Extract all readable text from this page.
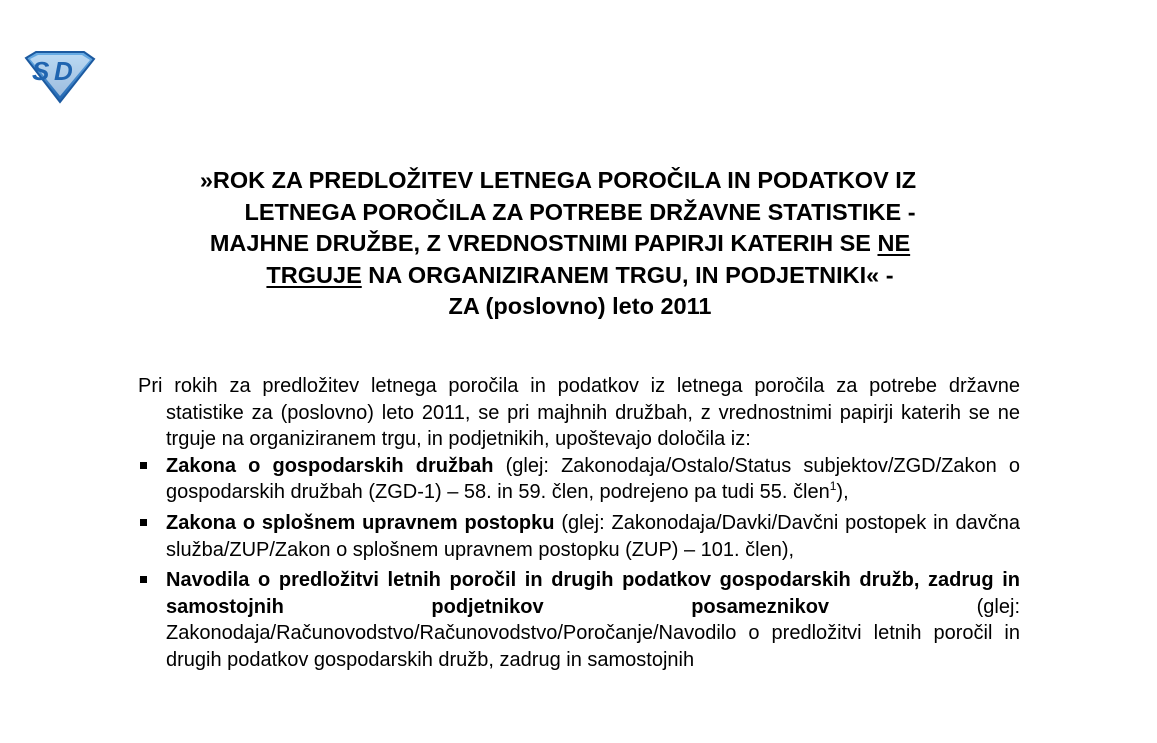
S D
»ROK ZA PREDLOŽITEV LETNEGA POROČILA IN PODATKOV IZ
LETNEGA POROČILA ZA POTREBE DRŽAVNE STATISTIKE -
MAJHNE DRUŽBE, Z VREDNOSTNIMI PAPIRJI KATERIH SE NE
TRGUJE NA ORGANIZIRANEM TRGU, IN PODJETNIKI« -
ZA (poslovno) leto 2011

Pri rokih za predložitev letnega poročila in podatkov iz letnega poročila za potrebe državne statistike za (poslovno) leto 2011, se pri majhnih družbah, z vrednostnimi papirji katerih se ne trguje na organiziranem trgu, in podjetnikih, upoštevajo določila iz:

Zakona o gospodarskih družbah (glej: Zakonodaja/Ostalo/Status subjektov/ZGD/Zakon o gospodarskih družbah (ZGD-1) – 58. in 59. člen, podrejeno pa tudi 55. člen$^1$),
Zakona o splošnem upravnem postopku (glej: Zakonodaja/Davki/Davčni postopek in davčna služba/ZUP/Zakon o splošnem upravnem postopku (ZUP) – 101. člen),
Navodila o predložitvi letnih poročil in drugih podatkov gospodarskih družb, zadrug in samostojnih podjetnikov posameznikov (glej: Zakonodaja/Računovodstvo/Računovodstvo/Poročanje/Navodilo o predložitvi letnih poročil in drugih podatkov gospodarskih družb, zadrug in samostojnih
